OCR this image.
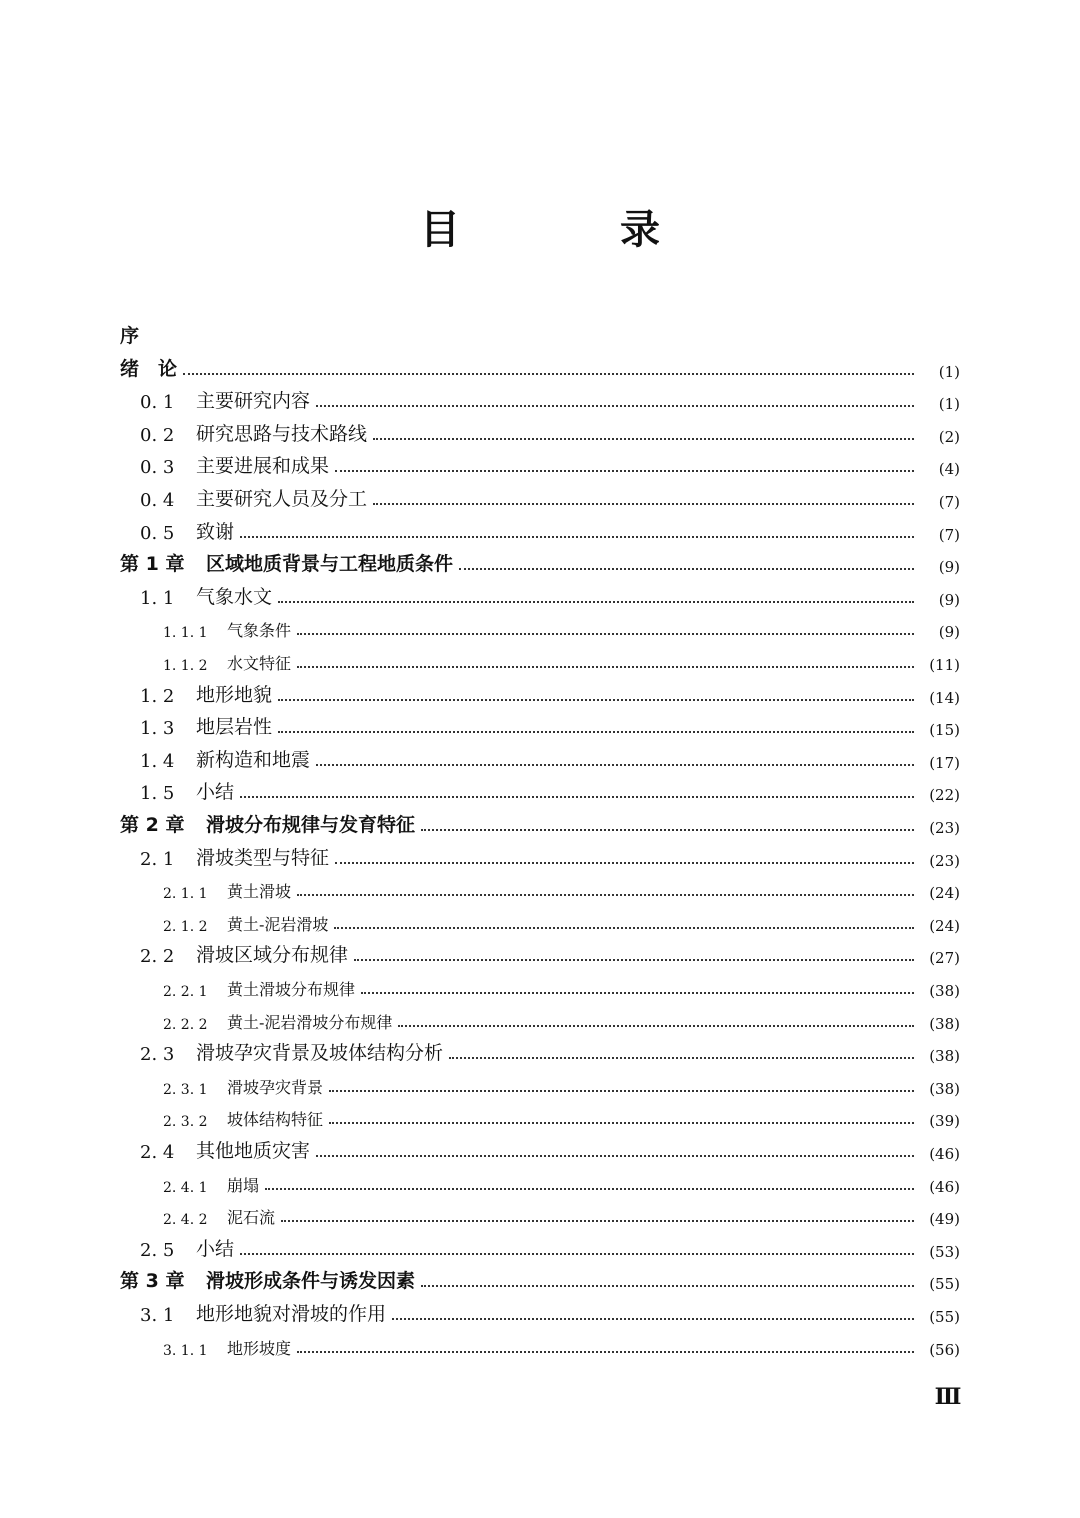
目　录
序
绪　论	(1)
0. 1	主要研究内容	(1)
0. 2	研究思路与技术路线	(2)
0. 3	主要进展和成果	(4)
0. 4	主要研究人员及分工	(7)
0. 5	致谢	(7)
第 1 章	区域地质背景与工程地质条件	(9)
1. 1	气象水文	(9)
1. 1. 1	气象条件	(9)
1. 1. 2	水文特征	(11)
1. 2	地形地貌	(14)
1. 3	地层岩性	(15)
1. 4	新构造和地震	(17)
1. 5	小结	(22)
第 2 章	滑坡分布规律与发育特征	(23)
2. 1	滑坡类型与特征	(23)
2. 1. 1	黄土滑坡	(24)
2. 1. 2	黄土-泥岩滑坡	(24)
2. 2	滑坡区域分布规律	(27)
2. 2. 1	黄土滑坡分布规律	(38)
2. 2. 2	黄土-泥岩滑坡分布规律	(38)
2. 3	滑坡孕灾背景及坡体结构分析	(38)
2. 3. 1	滑坡孕灾背景	(38)
2. 3. 2	坡体结构特征	(39)
2. 4	其他地质灾害	(46)
2. 4. 1	崩塌	(46)
2. 4. 2	泥石流	(49)
2. 5	小结	(53)
第 3 章	滑坡形成条件与诱发因素	(55)
3. 1	地形地貌对滑坡的作用	(55)
3. 1. 1	地形坡度	(56)
Ⅲ
